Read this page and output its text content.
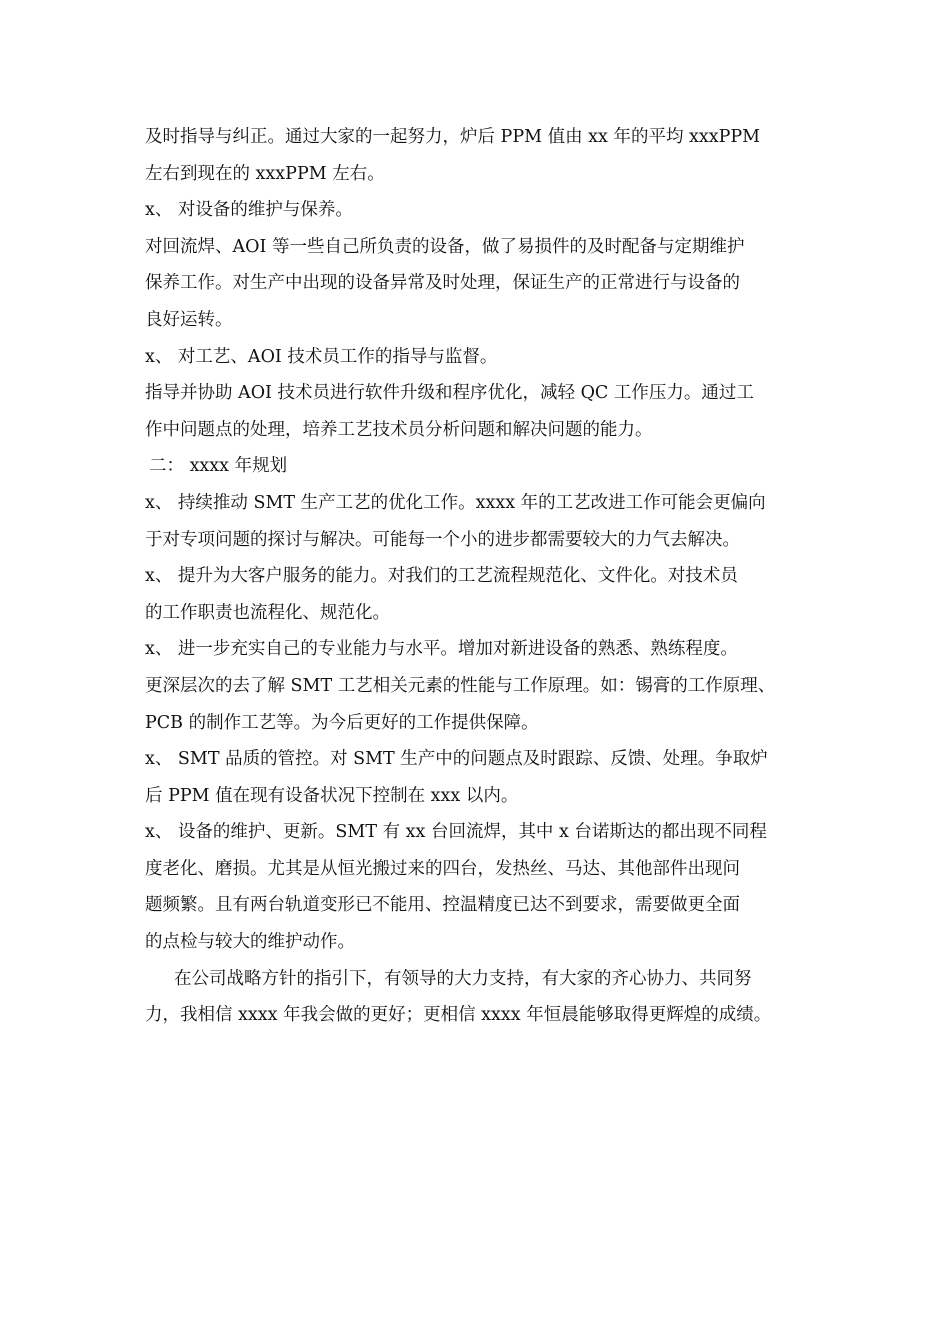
及时指导与纠正。通过大家的一起努力，炉后 PPM 值由 xx 年的平均 xxxPPM
左右到现在的 xxxPPM 左右。
x、 对设备的维护与保养。
对回流焊、AOI 等一些自己所负责的设备，做了易损件的及时配备与定期维护
保养工作。对生产中出现的设备异常及时处理，保证生产的正常进行与设备的
良好运转。
x、 对工艺、AOI 技术员工作的指导与监督。
指导并协助 AOI 技术员进行软件升级和程序优化，减轻 QC 工作压力。通过工
作中问题点的处理，培养工艺技术员分析问题和解决问题的能力。
二： xxxx 年规划
x、 持续推动 SMT 生产工艺的优化工作。xxxx 年的工艺改进工作可能会更偏向
于对专项问题的探讨与解决。可能每一个小的进步都需要较大的力气去解决。
x、 提升为大客户服务的能力。对我们的工艺流程规范化、文件化。对技术员
的工作职责也流程化、规范化。
x、 进一步充实自己的专业能力与水平。增加对新进设备的熟悉、熟练程度。
更深层次的去了解 SMT 工艺相关元素的性能与工作原理。如：锡膏的工作原理、
PCB 的制作工艺等。为今后更好的工作提供保障。
x、 SMT 品质的管控。对 SMT 生产中的问题点及时跟踪、反馈、处理。争取炉
后 PPM 值在现有设备状况下控制在 xxx 以内。
x、 设备的维护、更新。SMT 有 xx 台回流焊，其中 x 台诺斯达的都出现不同程
度老化、磨损。尤其是从恒光搬过来的四台，发热丝、马达、其他部件出现问
题频繁。且有两台轨道变形已不能用、控温精度已达不到要求，需要做更全面
的点检与较大的维护动作。
在公司战略方针的指引下，有领导的大力支持，有大家的齐心协力、共同努
力，我相信 xxxx 年我会做的更好；更相信 xxxx 年恒晨能够取得更辉煌的成绩。
